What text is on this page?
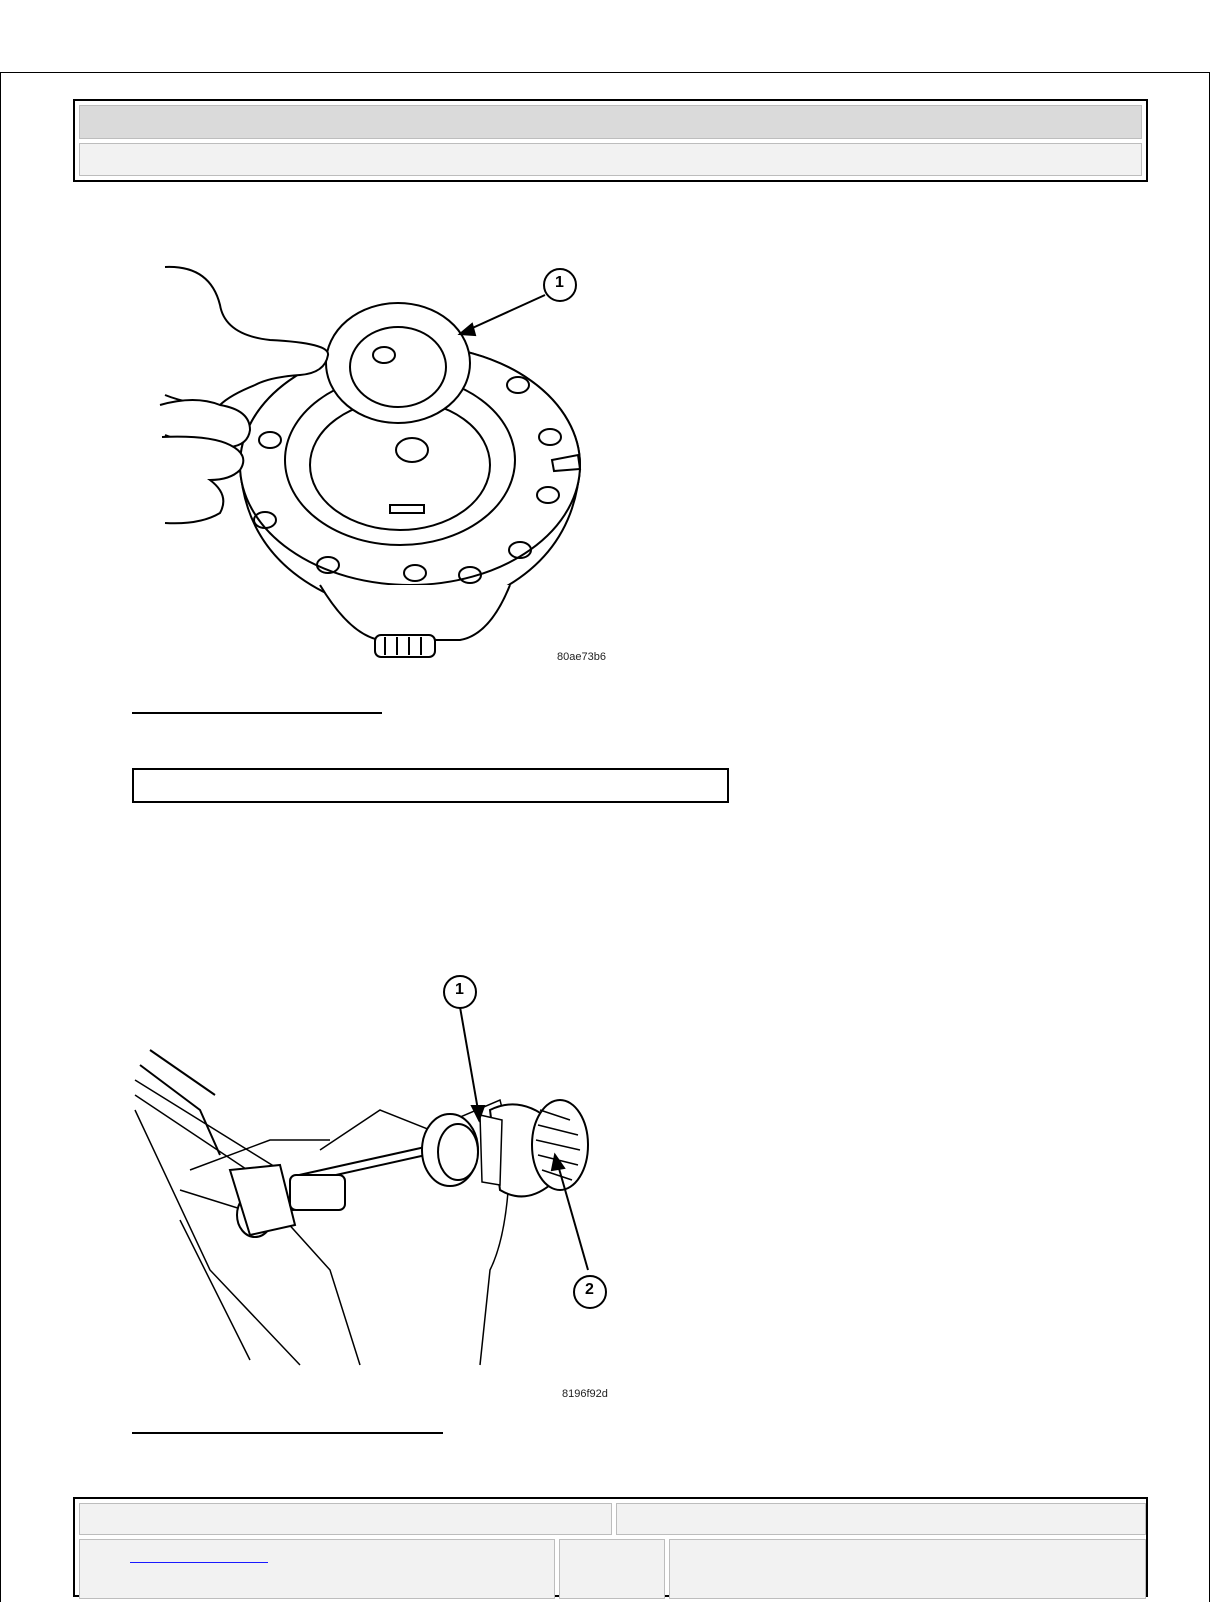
80ae73b6
1
1
2
8196f92d
